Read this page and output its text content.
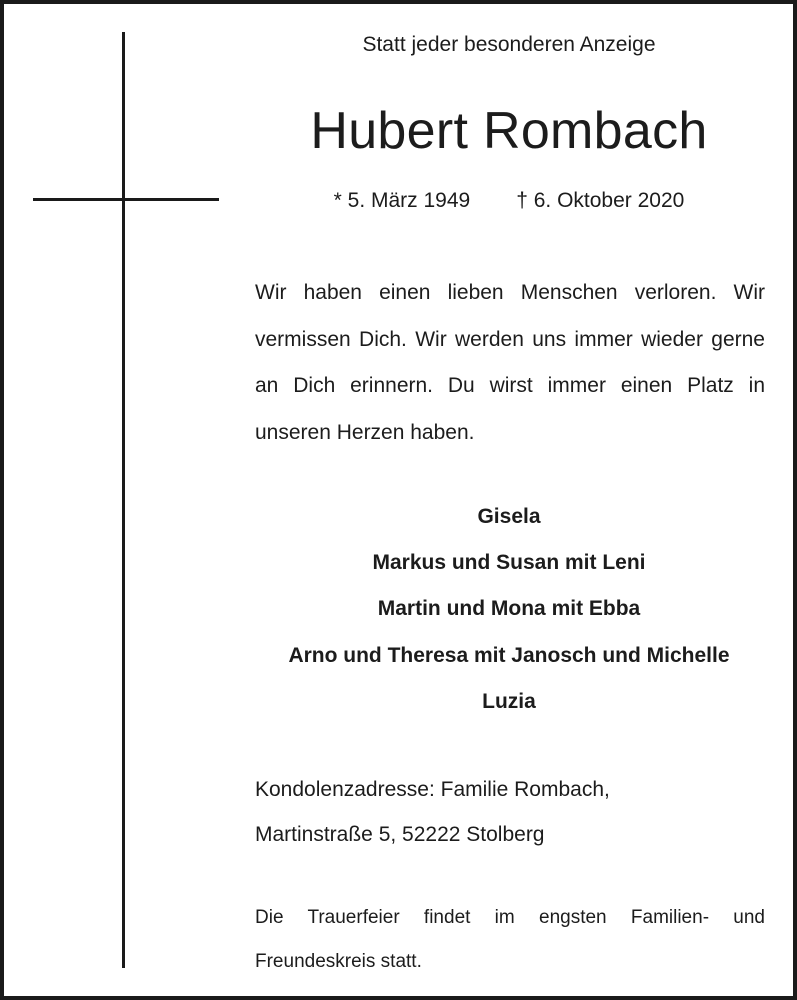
Statt jeder besonderen Anzeige
Hubert Rombach
* 5. März 1949 † 6. Oktober 2020
Wir haben einen lieben Menschen verloren. Wir vermissen Dich. Wir werden uns immer wieder gerne an Dich erinnern. Du wirst immer einen Platz in unseren Herzen haben.
Gisela
Markus und Susan mit Leni
Martin und Mona mit Ebba
Arno und Theresa mit Janosch und Michelle
Luzia
Kondolenzadresse: Familie Rombach,
Martinstraße 5, 52222 Stolberg
Die Trauerfeier findet im engsten Familien- und Freundeskreis statt.
